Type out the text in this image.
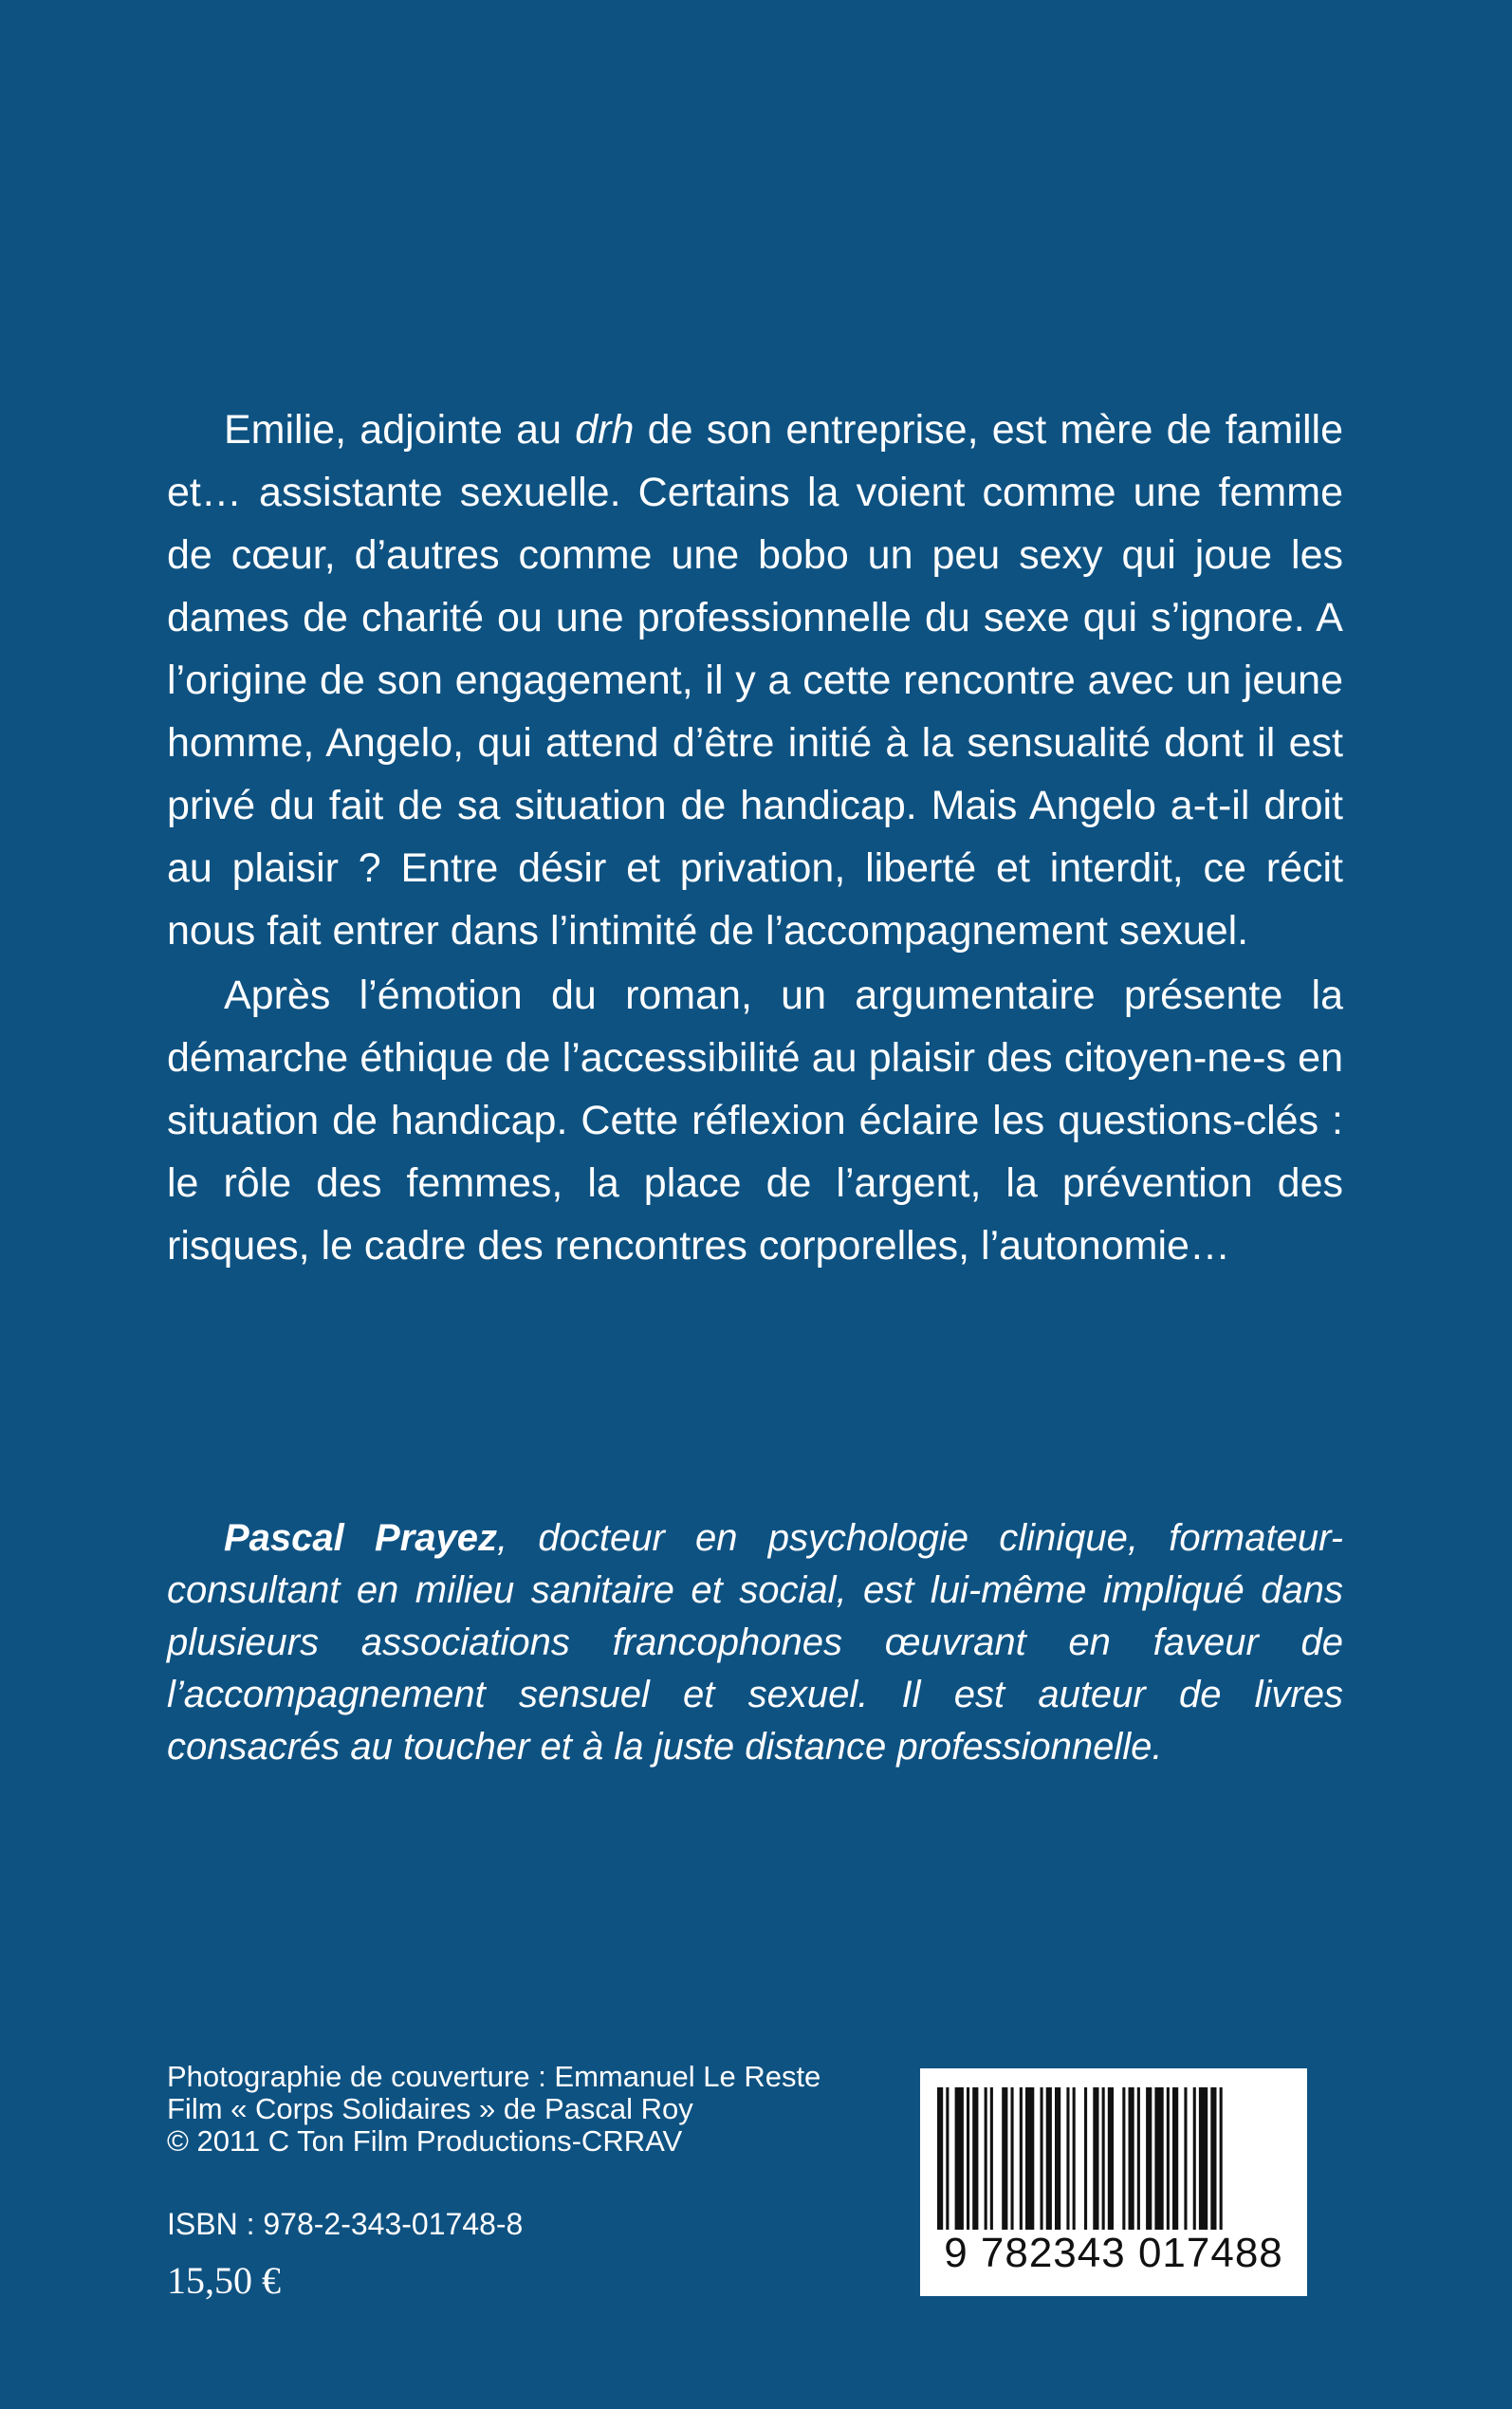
Emilie, adjointe au drh de son entreprise, est mère de famille et… assistante sexuelle. Certains la voient comme une femme de cœur, d’autres comme une bobo un peu sexy qui joue les dames de charité ou une professionnelle du sexe qui s’ignore. A l’origine de son engagement, il y a cette rencontre avec un jeune homme, Angelo, qui attend d’être initié à la sensualité dont il est privé du fait de sa situation de handicap. Mais Angelo a-t-il droit au plaisir ? Entre désir et privation, liberté et interdit, ce récit nous fait entrer dans l’intimité de l’accompagnement sexuel.

Après l’émotion du roman, un argumentaire présente la démarche éthique de l’accessibilité au plaisir des citoyen-ne-s en situation de handicap. Cette réflexion éclaire les questions-clés : le rôle des femmes, la place de l’argent, la prévention des risques, le cadre des rencontres corporelles, l’autonomie…

Pascal Prayez, docteur en psychologie clinique, formateur-consultant en milieu sanitaire et social, est lui-même impliqué dans plusieurs associations francophones œuvrant en faveur de l’accompagnement sensuel et sexuel. Il est auteur de livres consacrés au toucher et à la juste distance professionnelle.

Photographie de couverture : Emmanuel Le Reste
Film « Corps Solidaires » de Pascal Roy
© 2011 C Ton Film Productions-CRRAV
ISBN : 978-2-343-01748-8
15,50 €
9 782343 017488
